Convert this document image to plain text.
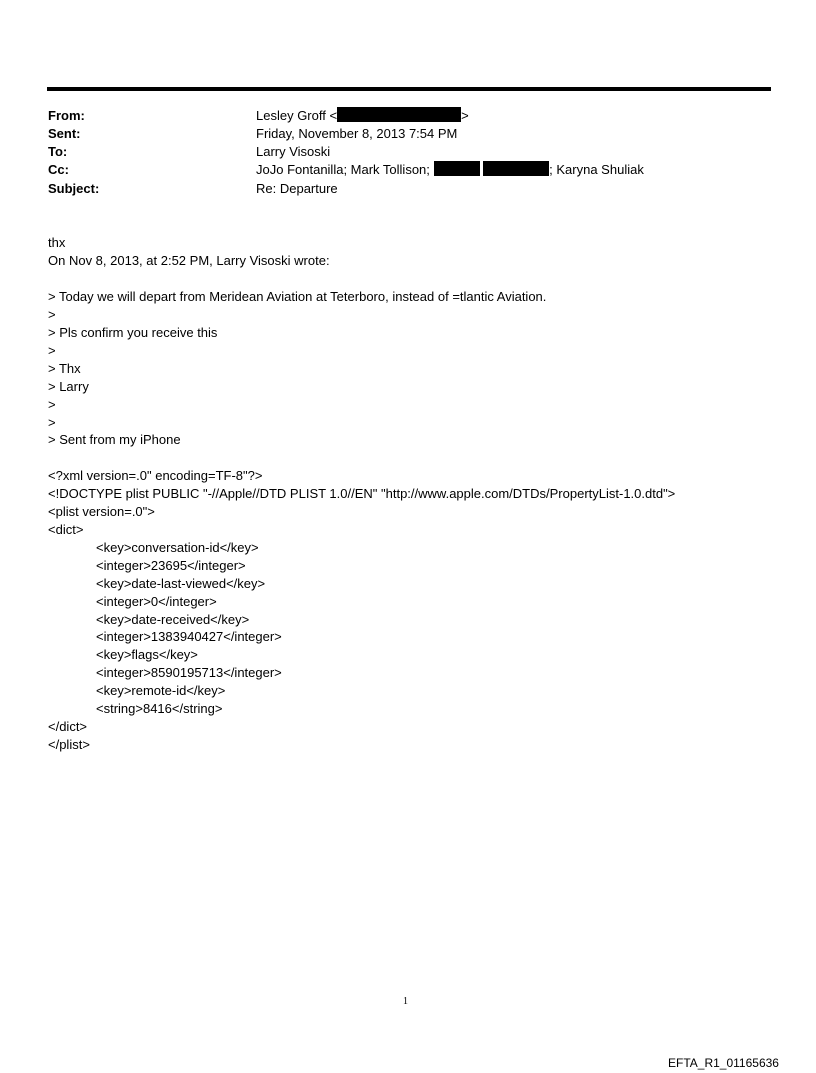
From:
Sent:
To:
Cc:
Subject:
Lesley Groff <	>
Friday, November 8, 2013 7:54 PM
Larry Visoski
JoJo Fontanilla; Mark Tollison;	; Karyna Shuliak
Re: Departure
thx
On Nov 8, 2013, at 2:52 PM, Larry Visoski wrote:
> Today we will depart from Meridean Aviation at Teterboro, instead of =tlantic Aviation.
>
> Pls confirm you receive this
>
> Thx
> Larry
>
>
> Sent from my iPhone
<?xml version=.0" encoding=TF-8"?>
<!DOCTYPE plist PUBLIC "-//Apple//DTD PLIST 1.0//EN" "http://www.apple.com/DTDs/PropertyList-1.0.dtd">
<plist version=.0">
<dict>
<key>conversation-id</key>
<integer>23695</integer>
<key>date-last-viewed</key>
<integer>0</integer>
<key>date-received</key>
<integer>1383940427</integer>
<key>flags</key>
<integer>8590195713</integer>
<key>remote-id</key>
<string>8416</string>
</dict>
</plist>
1
EFTA_R1_01165636
